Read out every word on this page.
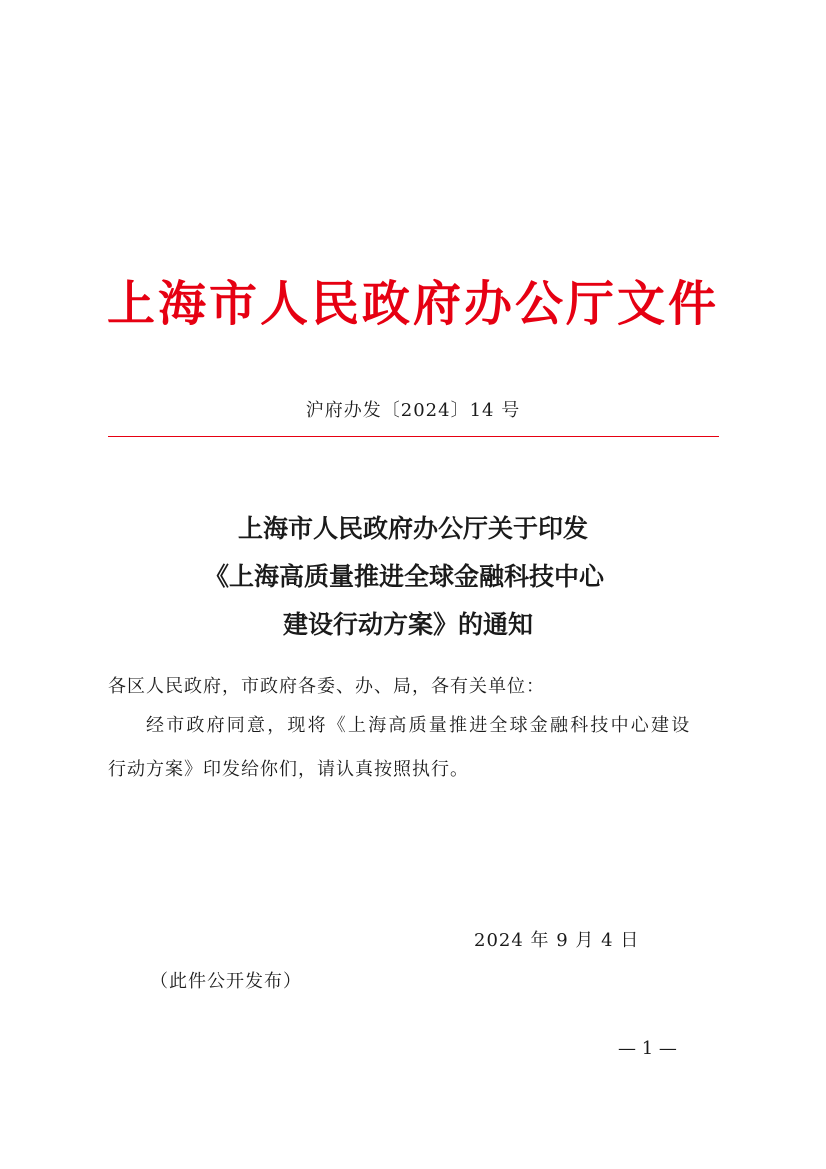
上海市人民政府办公厅文件
沪府办发〔2024〕14 号
上海市人民政府办公厅关于印发
《上海高质量推进全球金融科技中心
建设行动方案》的通知
各区人民政府，市政府各委、办、局，各有关单位：
经市政府同意，现将《上海高质量推进全球金融科技中心建设
行动方案》印发给你们，请认真按照执行。
2024 年 9 月 4 日
（此件公开发布）
— 1 —
